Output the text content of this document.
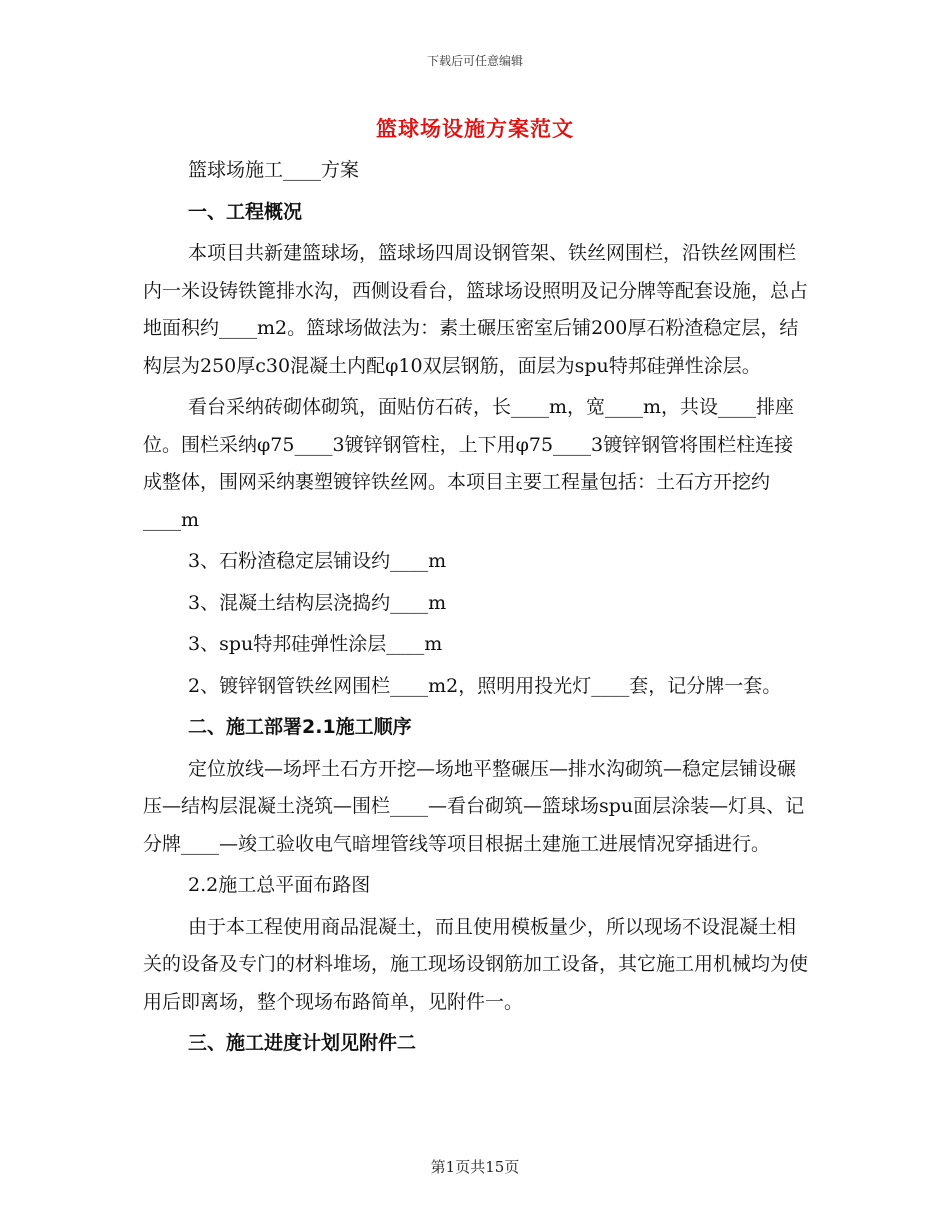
下载后可任意编辑
篮球场设施方案范文

篮球场施工____方案

一、工程概况

本项目共新建篮球场，篮球场四周设钢管架、铁丝网围栏，沿铁丝网围栏内一米设铸铁篦排水沟，西侧设看台，篮球场设照明及记分牌等配套设施，总占地面积约____m2。篮球场做法为：素土碾压密室后铺200厚石粉渣稳定层，结构层为250厚c30混凝土内配φ10双层钢筋，面层为spu特邦硅弹性涂层。

看台采纳砖砌体砌筑，面贴仿石砖，长____m，宽____m，共设____排座位。围栏采纳φ75____3镀锌钢管柱，上下用φ75____3镀锌钢管将围栏柱连接成整体，围网采纳裹塑镀锌铁丝网。本项目主要工程量包括：土石方开挖约____m

3、石粉渣稳定层铺设约____m

3、混凝土结构层浇捣约____m

3、spu特邦硅弹性涂层____m

2、镀锌钢管铁丝网围栏____m2，照明用投光灯____套，记分牌一套。

二、施工部署2.1施工顺序

定位放线—场坪土石方开挖—场地平整碾压—排水沟砌筑—稳定层铺设碾压—结构层混凝土浇筑—围栏____—看台砌筑—篮球场spu面层涂装—灯具、记分牌____—竣工验收电气暗埋管线等项目根据土建施工进展情况穿插进行。

2.2施工总平面布路图

由于本工程使用商品混凝土，而且使用模板量少，所以现场不设混凝土相关的设备及专门的材料堆场，施工现场设钢筋加工设备，其它施工用机械均为使用后即离场，整个现场布路简单，见附件一。

三、施工进度计划见附件二

第1页共15页
